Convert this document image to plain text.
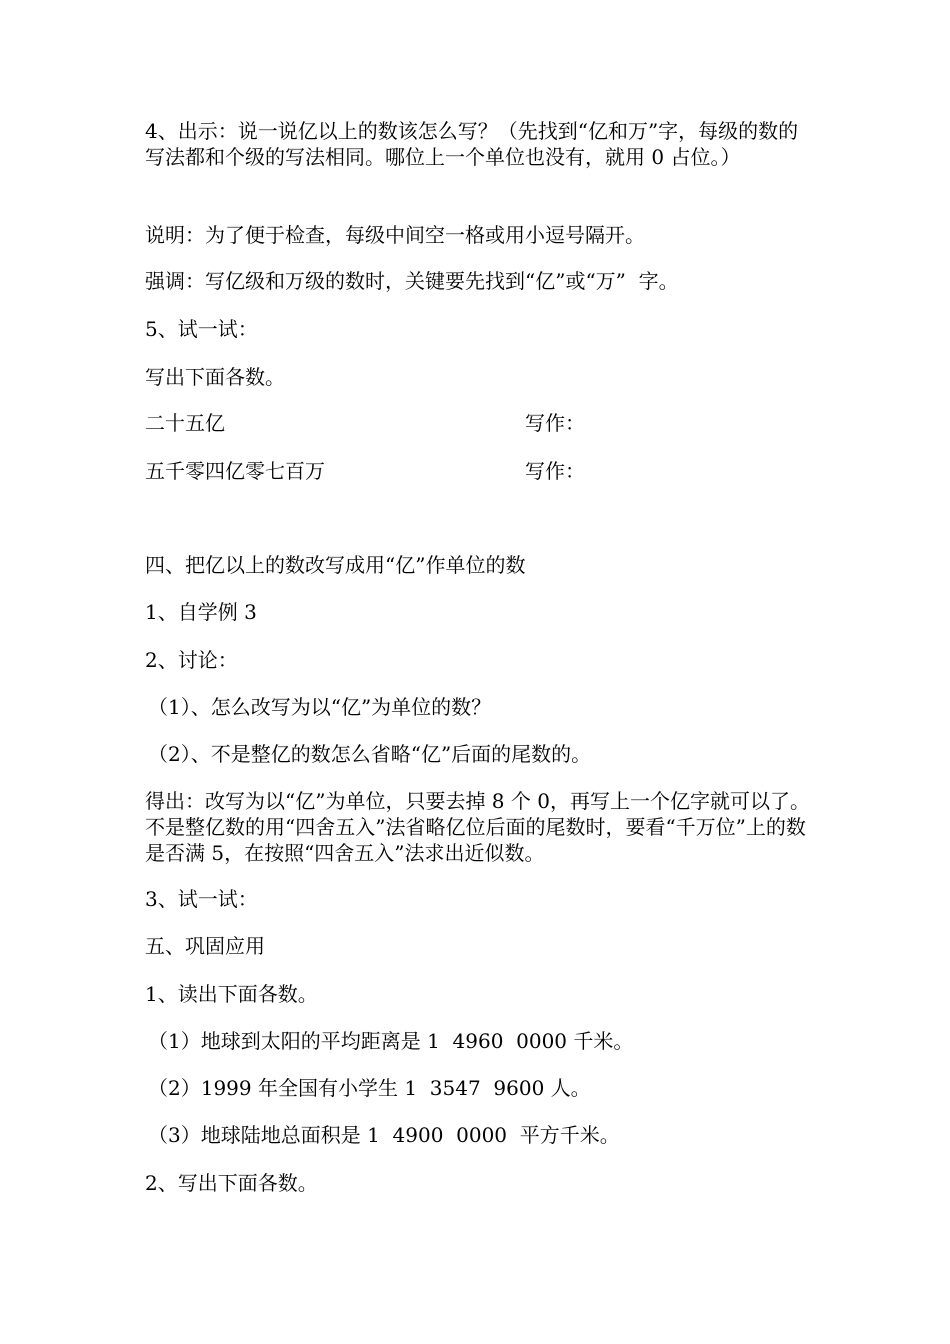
4、出示：说一说亿以上的数该怎么写？（先找到“亿和万”字，每级的数的写法都和个级的写法相同。哪位上一个单位也没有，就用 0 占位。）

说明：为了便于检查，每级中间空一格或用小逗号隔开。

强调：写亿级和万级的数时，关键要先找到“亿”或“万”  字。

5、试一试：

写出下面各数。

二十五亿	写作：
五千零四亿零七百万	写作：

四、把亿以上的数改写成用“亿”作单位的数

1、自学例 3

2、讨论：

（1）、怎么改写为以“亿”为单位的数？

（2）、不是整亿的数怎么省略“亿”后面的尾数的。

得出：改写为以“亿”为单位，只要去掉 8 个 0，再写上一个亿字就可以了。不是整亿数的用“四舍五入”法省略亿位后面的尾数时，要看“千万位”上的数是否满 5，在按照“四舍五入”法求出近似数。

3、试一试：

五、巩固应用

1、读出下面各数。

（1）地球到太阳的平均距离是 1  4960  0000 千米。

（2）1999 年全国有小学生 1  3547  9600 人。

（3）地球陆地总面积是 1  4900  0000  平方千米。

2、写出下面各数。
